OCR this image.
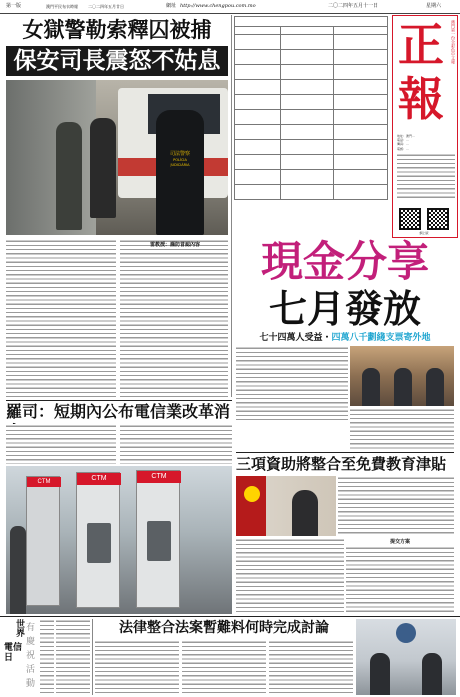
第一版	澳門平民布衣時報	二〇二四年五月廿日	網址 http://www.chengpou.com.mo	二〇二四年五月十一日	星期六
澳門第一份全彩色中文報
正
報
地址：澳門…
電話：…
傳真：…
電郵：…
網上版
女獄警勒索釋囚被捕
保安司長震怒不姑息
司法警察
POLÍCIA
JUDICIÁRIA

雷教授：謹防冒認內容	現金分享
七月發放
七十四萬人受益・四萬八千劃綫支票寄外地
羅司：短期內公布電信業改革消
CTM	CTM	CTM
三項資助將整合至免費教育津貼
提交方案
世界
電信日
有
慶
祝
活
動
法律整合法案暫難料何時完成討論
